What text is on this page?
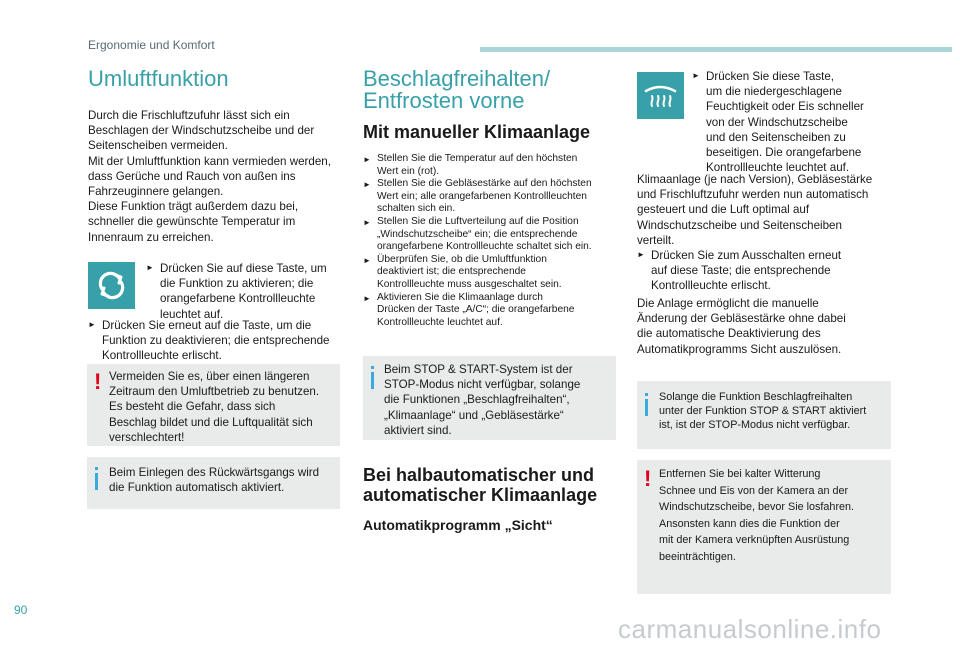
Ergonomie und Komfort
Umluftfunktion
Durch die Frischluftzufuhr lässt sich ein
Beschlagen der Windschutzscheibe und der
Seitenscheiben vermeiden.
Mit der Umluftfunktion kann vermieden werden,
dass Gerüche und Rauch von außen ins
Fahrzeuginnere gelangen.
Diese Funktion trägt außerdem dazu bei,
schneller die gewünschte Temperatur im
Innenraum zu erreichen.
► Drücken Sie auf diese Taste, um
die Funktion zu aktivieren; die
orangefarbene Kontrollleuchte
leuchtet auf.
► Drücken Sie erneut auf die Taste, um die
Funktion zu deaktivieren; die entsprechende
Kontrollleuchte erlischt.
! Vermeiden Sie es, über einen längeren
Zeitraum den Umluftbetrieb zu benutzen.
Es besteht die Gefahr, dass sich
Beschlag bildet und die Luftqualität sich
verschlechtert!
Beim Einlegen des Rückwärtsgangs wird
die Funktion automatisch aktiviert.
Beschlagfreihalten/
Entfrosten vorne
Mit manueller Klimaanlage
► Stellen Sie die Temperatur auf den höchsten
Wert ein (rot).
► Stellen Sie die Gebläsestärke auf den höchsten
Wert ein; alle orangefarbenen Kontrollleuchten
schalten sich ein.
► Stellen Sie die Luftverteilung auf die Position
„Windschutzscheibe“ ein; die entsprechende
orangefarbene Kontrollleuchte schaltet sich ein.
► Überprüfen Sie, ob die Umluftfunktion
deaktiviert ist; die entsprechende
Kontrollleuchte muss ausgeschaltet sein.
► Aktivieren Sie die Klimaanlage durch
Drücken der Taste „A/C“; die orangefarbene
Kontrollleuchte leuchtet auf.
Beim STOP & START-System ist der
STOP-Modus nicht verfügbar, solange
die Funktionen „Beschlagfreihalten“,
„Klimaanlage“ und „Gebläsestärke“
aktiviert sind.
Bei halbautomatischer und
automatischer Klimaanlage
Automatikprogramm „Sicht“
► Drücken Sie diese Taste,
um die niedergeschlagene
Feuchtigkeit oder Eis schneller
von der Windschutzscheibe
und den Seitenscheiben zu
beseitigen. Die orangefarbene
Kontrollleuchte leuchtet auf.
Klimaanlage (je nach Version), Gebläsestärke
und Frischluftzufuhr werden nun automatisch
gesteuert und die Luft optimal auf
Windschutzscheibe und Seitenscheiben
verteilt.
► Drücken Sie zum Ausschalten erneut
auf diese Taste; die entsprechende
Kontrollleuchte erlischt.
Die Anlage ermöglicht die manuelle
Änderung der Gebläsestärke ohne dabei
die automatische Deaktivierung des
Automatikprogramms Sicht auszulösen.
Solange die Funktion Beschlagfreihalten
unter der Funktion STOP & START aktiviert
ist, ist der STOP-Modus nicht verfügbar.
! Entfernen Sie bei kalter Witterung
Schnee und Eis von der Kamera an der
Windschutzscheibe, bevor Sie losfahren.
Ansonsten kann dies die Funktion der
mit der Kamera verknüpften Ausrüstung
beeinträchtigen.
90
carmanualsonline.info
